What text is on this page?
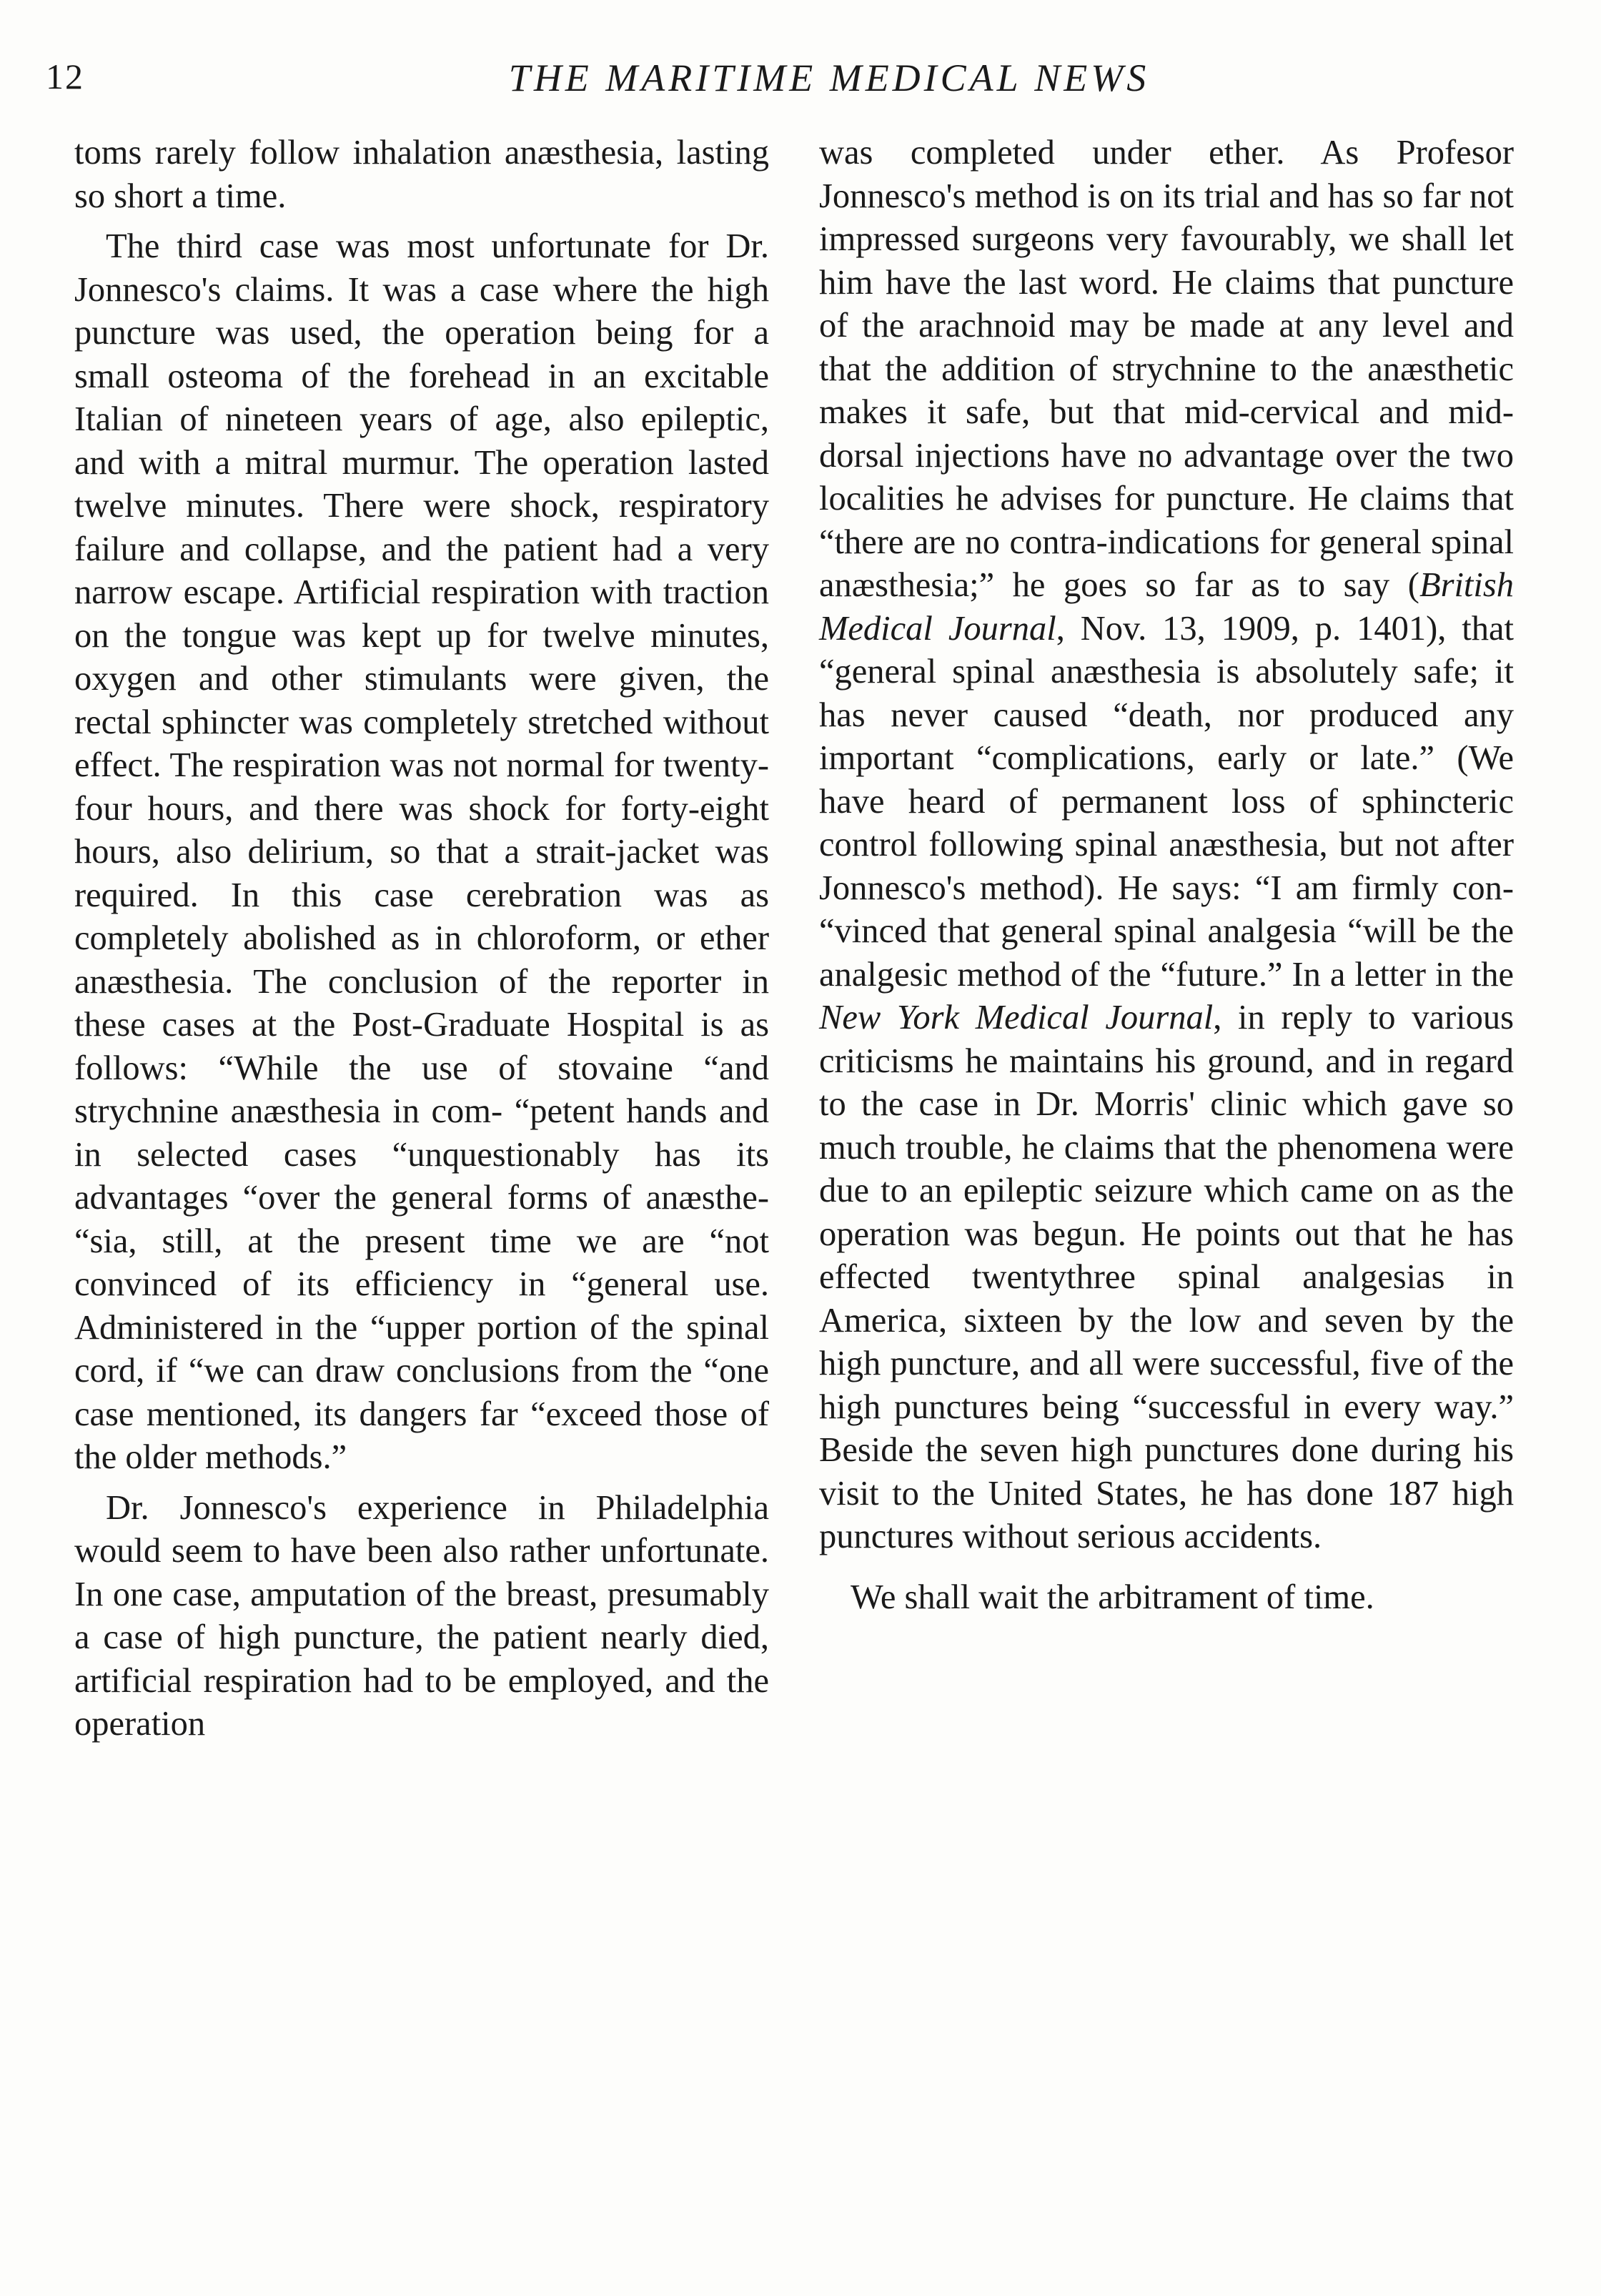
12	THE MARITIME MEDICAL NEWS

toms rarely follow inhalation anæsthesia, lasting so short a time.

The third case was most unfortunate for Dr. Jonnesco's claims. It was a case where the high puncture was used, the operation being for a small osteoma of the forehead in an excitable Italian of nineteen years of age, also epileptic, and with a mitral murmur. The operation lasted twelve minutes. There were shock, respiratory failure and collapse, and the patient had a very narrow escape. Artificial respiration with traction on the tongue was kept up for twelve minutes, oxygen and other stimulants were given, the rectal sphincter was completely stretched without effect. The respiration was not normal for twenty-four hours, and there was shock for forty-eight hours, also delirium, so that a strait-jacket was required. In this case cerebration was as completely abolished as in chloroform, or ether anæsthesia. The conclusion of the reporter in these cases at the Post-Graduate Hospital is as follows: “While the use of stovaine “and strychnine anæsthesia in com- “petent hands and in selected cases “unquestionably has its advantages “over the general forms of anæsthe- “sia, still, at the present time we are “not convinced of its efficiency in “general use. Administered in the “upper portion of the spinal cord, if “we can draw conclusions from the “one case mentioned, its dangers far “exceed those of the older methods.”

Dr. Jonnesco's experience in Philadelphia would seem to have been also rather unfortunate. In one case, amputation of the breast, presumably a case of high puncture, the patient nearly died, artificial respiration had to be employed, and the operation

was completed under ether. As Profesor Jonnesco's method is on its trial and has so far not impressed surgeons very favourably, we shall let him have the last word. He claims that puncture of the arachnoid may be made at any level and that the addition of strychnine to the anæsthetic makes it safe, but that mid-cervical and mid-dorsal injections have no advantage over the two localities he advises for puncture. He claims that “there are no contra-indications for general spinal anæsthesia;” he goes so far as to say (British Medical Journal, Nov. 13, 1909, p. 1401), that “general spinal anæsthesia is absolutely safe; it has never caused “death, nor produced any important “complications, early or late.” (We have heard of permanent loss of sphincteric control following spinal anæsthesia, but not after Jonnesco's method). He says: “I am firmly con- “vinced that general spinal analgesia “will be the analgesic method of the “future.” In a letter in the New York Medical Journal, in reply to various criticisms he maintains his ground, and in regard to the case in Dr. Morris' clinic which gave so much trouble, he claims that the phenomena were due to an epileptic seizure which came on as the operation was begun. He points out that he has effected twentythree spinal analgesias in America, sixteen by the low and seven by the high puncture, and all were successful, five of the high punctures being “successful in every way.” Beside the seven high punctures done during his visit to the United States, he has done 187 high punctures without serious accidents.

We shall wait the arbitrament of time.
